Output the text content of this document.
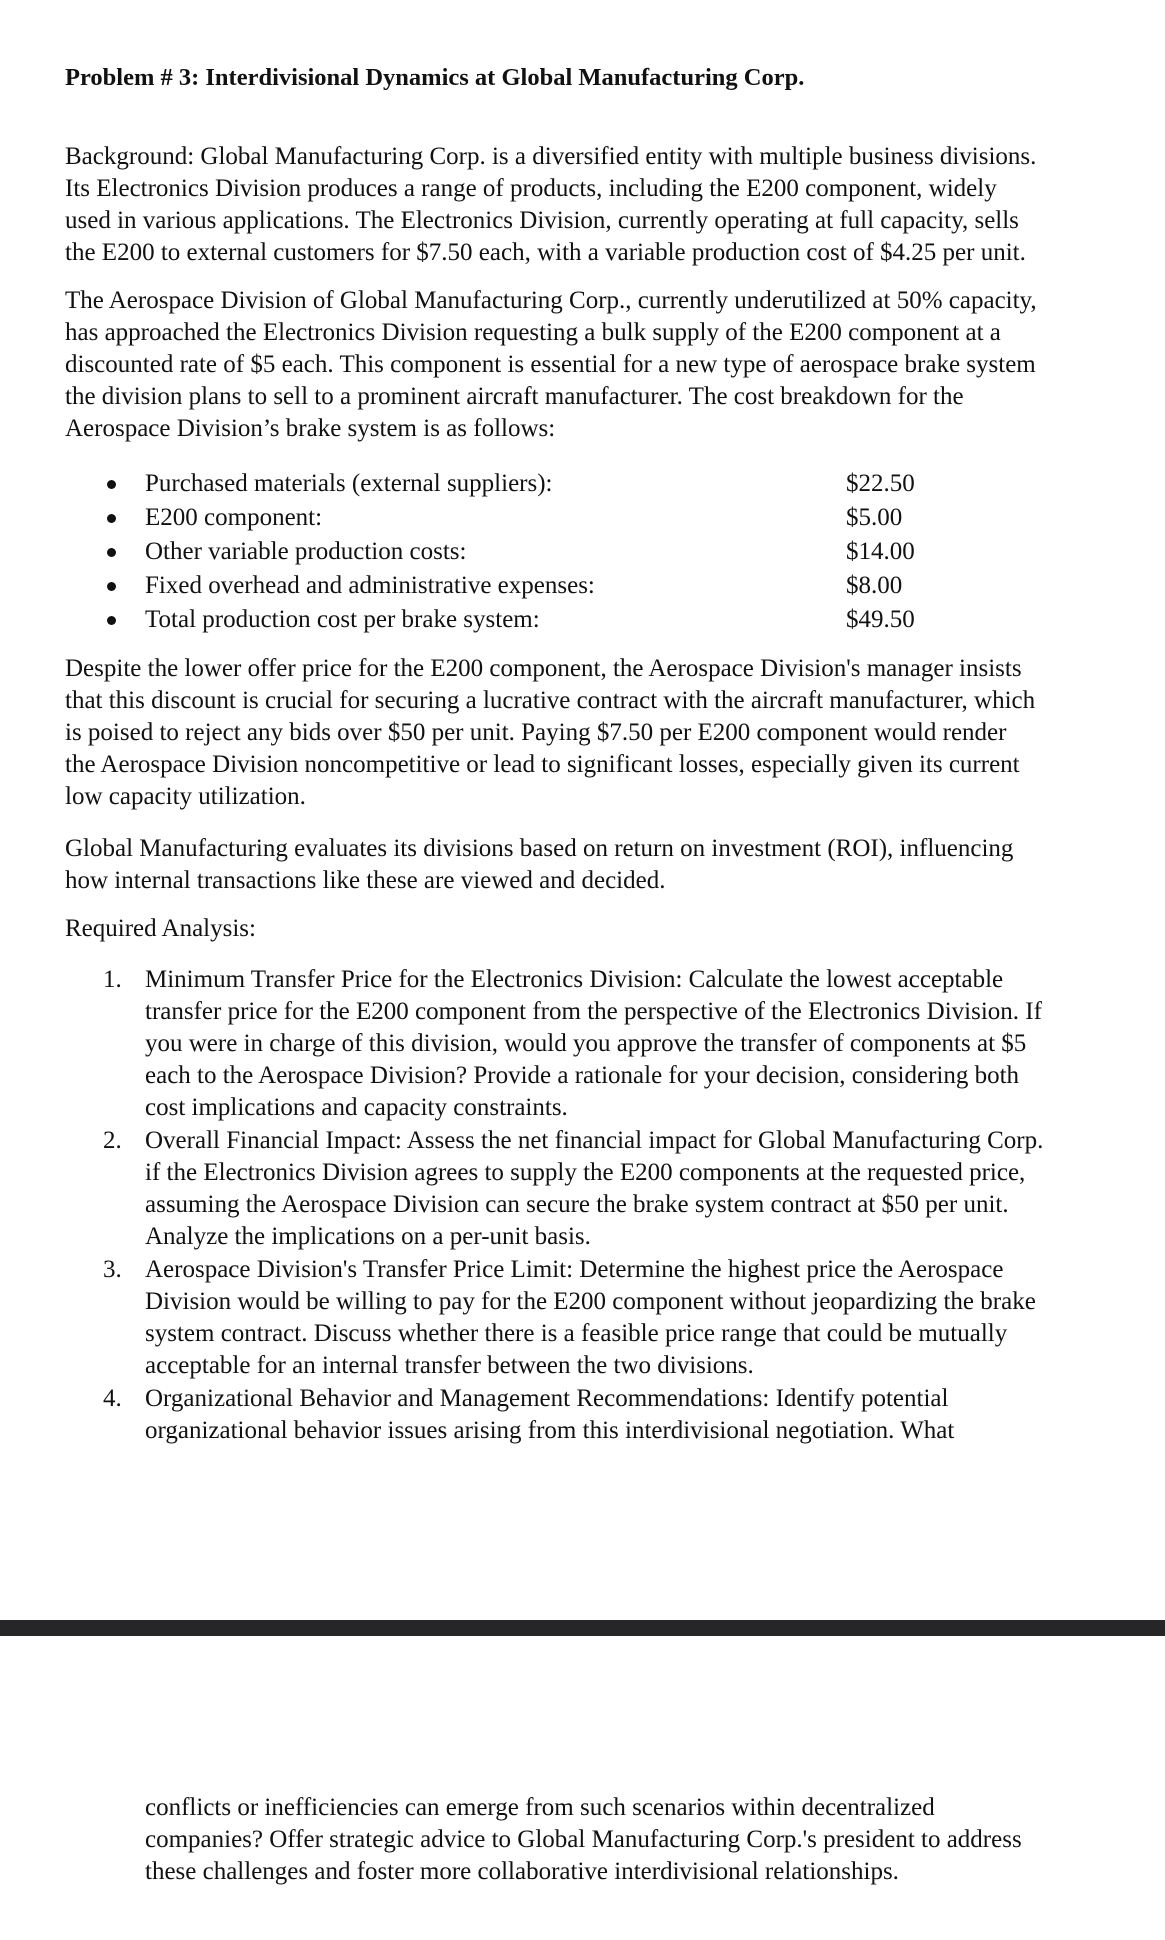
Problem # 3: Interdivisional Dynamics at Global Manufacturing Corp.
Background: Global Manufacturing Corp. is a diversified entity with multiple business divisions.
Its Electronics Division produces a range of products, including the E200 component, widely
used in various applications. The Electronics Division, currently operating at full capacity, sells
the E200 to external customers for $7.50 each, with a variable production cost of $4.25 per unit.
The Aerospace Division of Global Manufacturing Corp., currently underutilized at 50% capacity,
has approached the Electronics Division requesting a bulk supply of the E200 component at a
discounted rate of $5 each. This component is essential for a new type of aerospace brake system
the division plans to sell to a prominent aircraft manufacturer. The cost breakdown for the
Aerospace Division’s brake system is as follows:
Purchased materials (external suppliers):	$22.50
E200 component:	$5.00
Other variable production costs:	$14.00
Fixed overhead and administrative expenses:	$8.00
Total production cost per brake system:	$49.50
Despite the lower offer price for the E200 component, the Aerospace Division's manager insists
that this discount is crucial for securing a lucrative contract with the aircraft manufacturer, which
is poised to reject any bids over $50 per unit. Paying $7.50 per E200 component would render
the Aerospace Division noncompetitive or lead to significant losses, especially given its current
low capacity utilization.
Global Manufacturing evaluates its divisions based on return on investment (ROI), influencing
how internal transactions like these are viewed and decided.
Required Analysis:
1. Minimum Transfer Price for the Electronics Division: Calculate the lowest acceptable
transfer price for the E200 component from the perspective of the Electronics Division. If
you were in charge of this division, would you approve the transfer of components at $5
each to the Aerospace Division? Provide a rationale for your decision, considering both
cost implications and capacity constraints.
2. Overall Financial Impact: Assess the net financial impact for Global Manufacturing Corp.
if the Electronics Division agrees to supply the E200 components at the requested price,
assuming the Aerospace Division can secure the brake system contract at $50 per unit.
Analyze the implications on a per-unit basis.
3. Aerospace Division's Transfer Price Limit: Determine the highest price the Aerospace
Division would be willing to pay for the E200 component without jeopardizing the brake
system contract. Discuss whether there is a feasible price range that could be mutually
acceptable for an internal transfer between the two divisions.
4. Organizational Behavior and Management Recommendations: Identify potential
organizational behavior issues arising from this interdivisional negotiation. What
conflicts or inefficiencies can emerge from such scenarios within decentralized
companies? Offer strategic advice to Global Manufacturing Corp.'s president to address
these challenges and foster more collaborative interdivisional relationships.
